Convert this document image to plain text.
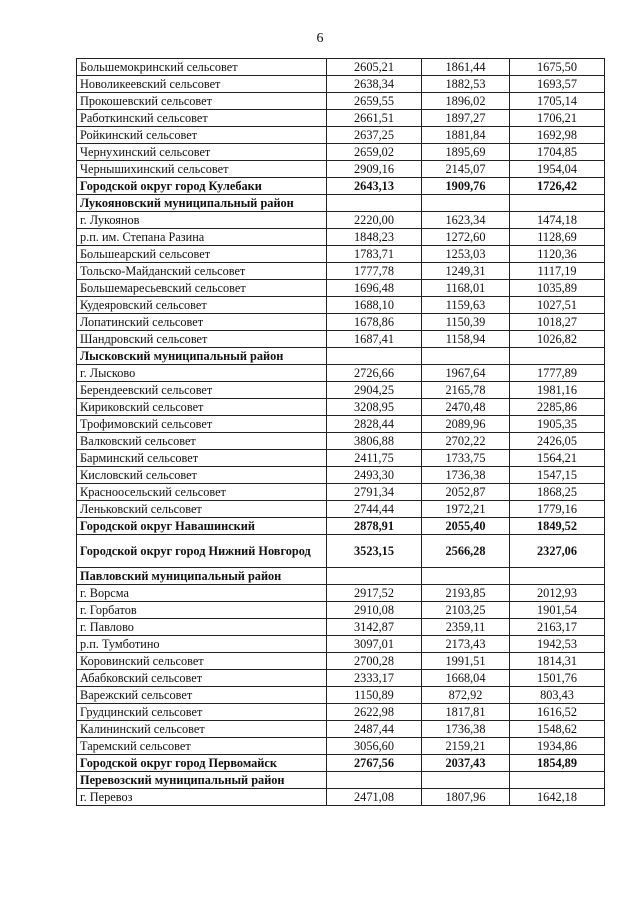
6
Большемокринский сельсовет	2605,21	1861,44	1675,50
Новоликеевский сельсовет	2638,34	1882,53	1693,57
Прокошевский сельсовет	2659,55	1896,02	1705,14
Работкинский сельсовет	2661,51	1897,27	1706,21
Ройкинский сельсовет	2637,25	1881,84	1692,98
Чернухинский сельсовет	2659,02	1895,69	1704,85
Чернышихинский сельсовет	2909,16	2145,07	1954,04
Городской округ город Кулебаки	2643,13	1909,76	1726,42
Лукояновский муниципальный район			
г. Лукоянов	2220,00	1623,34	1474,18
р.п. им. Степана Разина	1848,23	1272,60	1128,69
Большеарский сельсовет	1783,71	1253,03	1120,36
Тольско-Майданский сельсовет	1777,78	1249,31	1117,19
Большемаресьевский сельсовет	1696,48	1168,01	1035,89
Кудеяровский сельсовет	1688,10	1159,63	1027,51
Лопатинский сельсовет	1678,86	1150,39	1018,27
Шандровский сельсовет	1687,41	1158,94	1026,82
Лысковский муниципальный район			
г. Лысково	2726,66	1967,64	1777,89
Берендеевский сельсовет	2904,25	2165,78	1981,16
Кириковский сельсовет	3208,95	2470,48	2285,86
Трофимовский сельсовет	2828,44	2089,96	1905,35
Валковский сельсовет	3806,88	2702,22	2426,05
Барминский сельсовет	2411,75	1733,75	1564,21
Кисловский сельсовет	2493,30	1736,38	1547,15
Красноосельский сельсовет	2791,34	2052,87	1868,25
Леньковский сельсовет	2744,44	1972,21	1779,16
Городской округ Навашинский	2878,91	2055,40	1849,52
Городской округ город Нижний Новгород	3523,15	2566,28	2327,06
Павловский муниципальный район			
г. Ворсма	2917,52	2193,85	2012,93
г. Горбатов	2910,08	2103,25	1901,54
г. Павлово	3142,87	2359,11	2163,17
р.п. Тумботино	3097,01	2173,43	1942,53
Коровинский сельсовет	2700,28	1991,51	1814,31
Абабковский сельсовет	2333,17	1668,04	1501,76
Варежский сельсовет	1150,89	872,92	803,43
Грудцинский сельсовет	2622,98	1817,81	1616,52
Калининский сельсовет	2487,44	1736,38	1548,62
Таремский сельсовет	3056,60	2159,21	1934,86
Городской округ город Первомайск	2767,56	2037,43	1854,89
Перевозский муниципальный район			
г. Перевоз	2471,08	1807,96	1642,18
